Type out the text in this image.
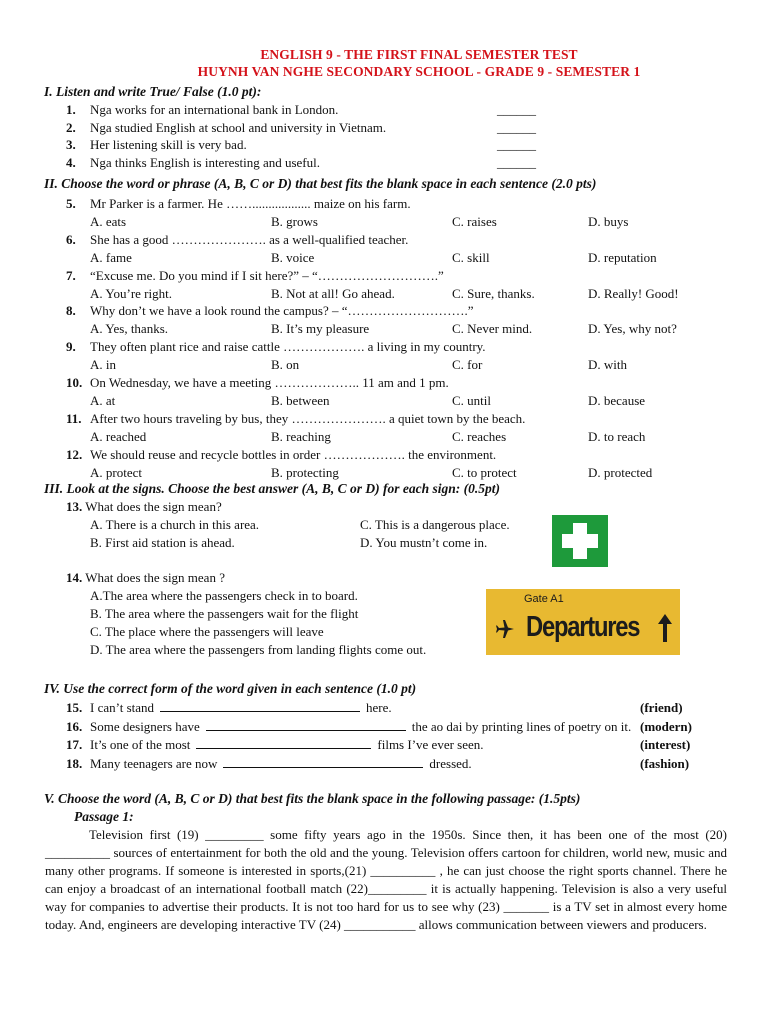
ENGLISH 9 - THE FIRST FINAL SEMESTER TEST
HUYNH VAN NGHE SECONDARY SCHOOL - GRADE 9 - SEMESTER 1
I. Listen and write True/ False (1.0 pt):
1. Nga works for an international bank in London.	______
2. Nga studied English at school and university in Vietnam.	______
3. Her listening skill is very bad.	______
4. Nga thinks English is interesting and useful.	______
II. Choose the word or phrase (A, B, C or D) that best fits the blank space in each sentence (2.0 pts)
5. Mr Parker is a farmer. He …….................. maize on his farm.
A. eats	B. grows	C. raises	D. buys
6. She has a good …………………. as a well-qualified teacher.
A. fame	B. voice	C. skill	D. reputation
7. “Excuse me. Do you mind if I sit here?” – “……………………….”
A. You’re right.	B. Not at all! Go ahead.	C. Sure, thanks.	D. Really! Good!
8. Why don’t we have a look round the campus? – “……………………….”
A. Yes, thanks.	B. It’s my pleasure	C. Never mind.	D. Yes, why not?
9. They often plant rice and raise cattle ………………. a living in my country.
A. in	B. on	C. for	D. with
10. On Wednesday, we have a meeting ……………….. 11 am and 1 pm.
A. at	B. between	C. until	D. because
11. After two hours traveling by bus, they …………………. a quiet town by the beach.
A. reached	B. reaching	C. reaches	D. to reach
12. We should reuse and recycle bottles in order ………………. the environment.
A. protect	B. protecting	C. to protect	D. protected
III. Look at the signs. Choose the best answer (A, B, C or D) for each sign: (0.5pt)
13. What does the sign mean?
A. There is a church in this area.	C. This is a dangerous place.
B. First aid station is ahead.	D. You mustn’t come in.
14. What does the sign mean ?
A.The area where the passengers check in to board.
B. The area where the passengers wait for the flight
C. The place where the passengers will leave
D. The area where the passengers from landing flights come out.
Gate A1
Departures
IV. Use the correct form of the word given in each sentence (1.0 pt)
15. I can’t stand	here.	(friend)
16. Some designers have	the ao dai by printing lines of poetry on it. (modern)
17. It’s one of the most	films I’ve ever seen.	(interest)
18. Many teenagers are now	dressed.	(fashion)
V. Choose the word (A, B, C or D) that best fits the blank space in the following passage: (1.5pts)
Passage 1:

Television first (19) _________ some fifty years ago in the 1950s. Since then, it has been one of the most (20) __________ sources of entertainment for both the old and the young. Television offers cartoon for children, world new, music and many other programs. If someone is interested in sports,(21) __________ , he can just choose the right sports channel. There he can enjoy a broadcast of an international football match (22)_________ it is actually happening. Television is also a very useful way for companies to advertise their products. It is not too hard for us to see why (23) _______ is a TV set in almost every home today. And, engineers are developing interactive TV (24) ___________ allows communication between viewers and producers.
